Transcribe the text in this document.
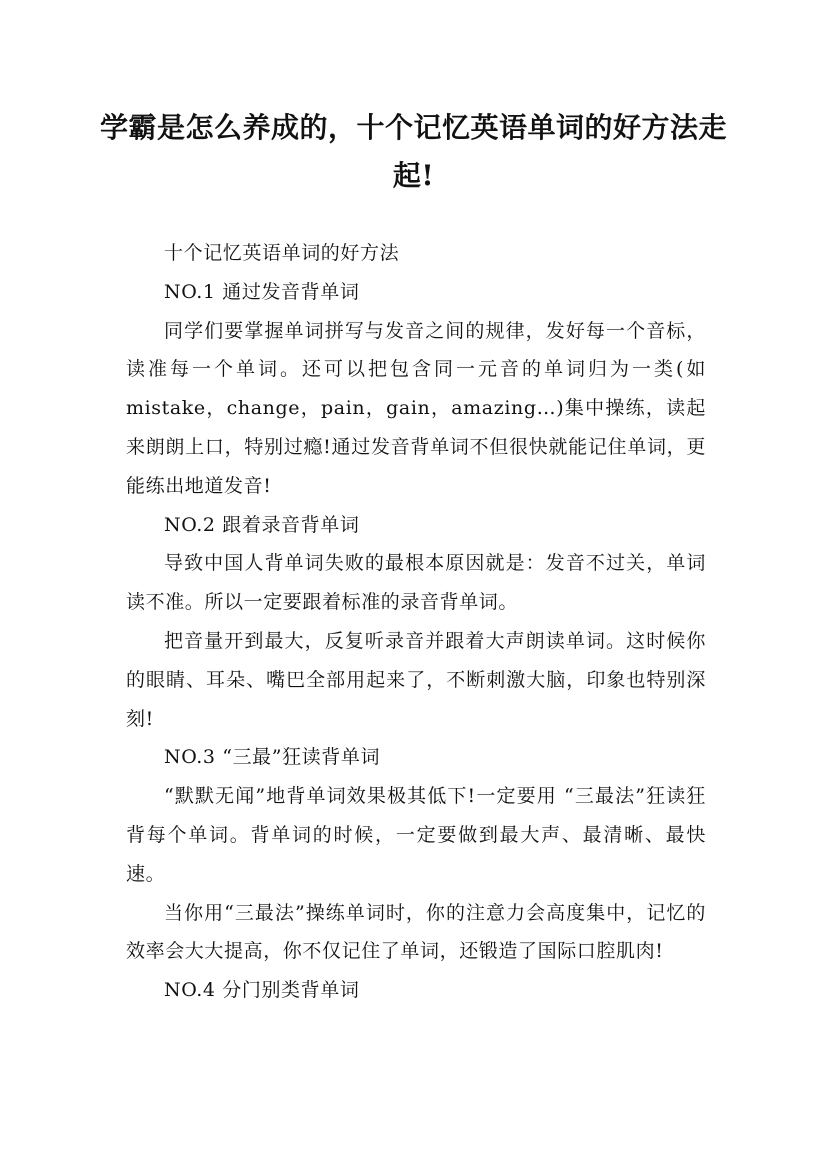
学霸是怎么养成的，十个记忆英语单词的好方法走起!

十个记忆英语单词的好方法

NO.1 通过发音背单词

同学们要掌握单词拼写与发音之间的规律，发好每一个音标，读准每一个单词。还可以把包含同一元音的单词归为一类(如 mistake，change，pain，gain，amazing…)集中操练，读起来朗朗上口，特别过瘾!通过发音背单词不但很快就能记住单词，更能练出地道发音!

NO.2 跟着录音背单词

导致中国人背单词失败的最根本原因就是：发音不过关，单词读不准。所以一定要跟着标准的录音背单词。

把音量开到最大，反复听录音并跟着大声朗读单词。这时候你的眼睛、耳朵、嘴巴全部用起来了，不断刺激大脑，印象也特别深刻!

NO.3 “三最”狂读背单词

“默默无闻”地背单词效果极其低下!一定要用 “三最法”狂读狂背每个单词。背单词的时候，一定要做到最大声、最清晰、最快速。

当你用“三最法”操练单词时，你的注意力会高度集中，记忆的效率会大大提高，你不仅记住了单词，还锻造了国际口腔肌肉!

NO.4 分门别类背单词
